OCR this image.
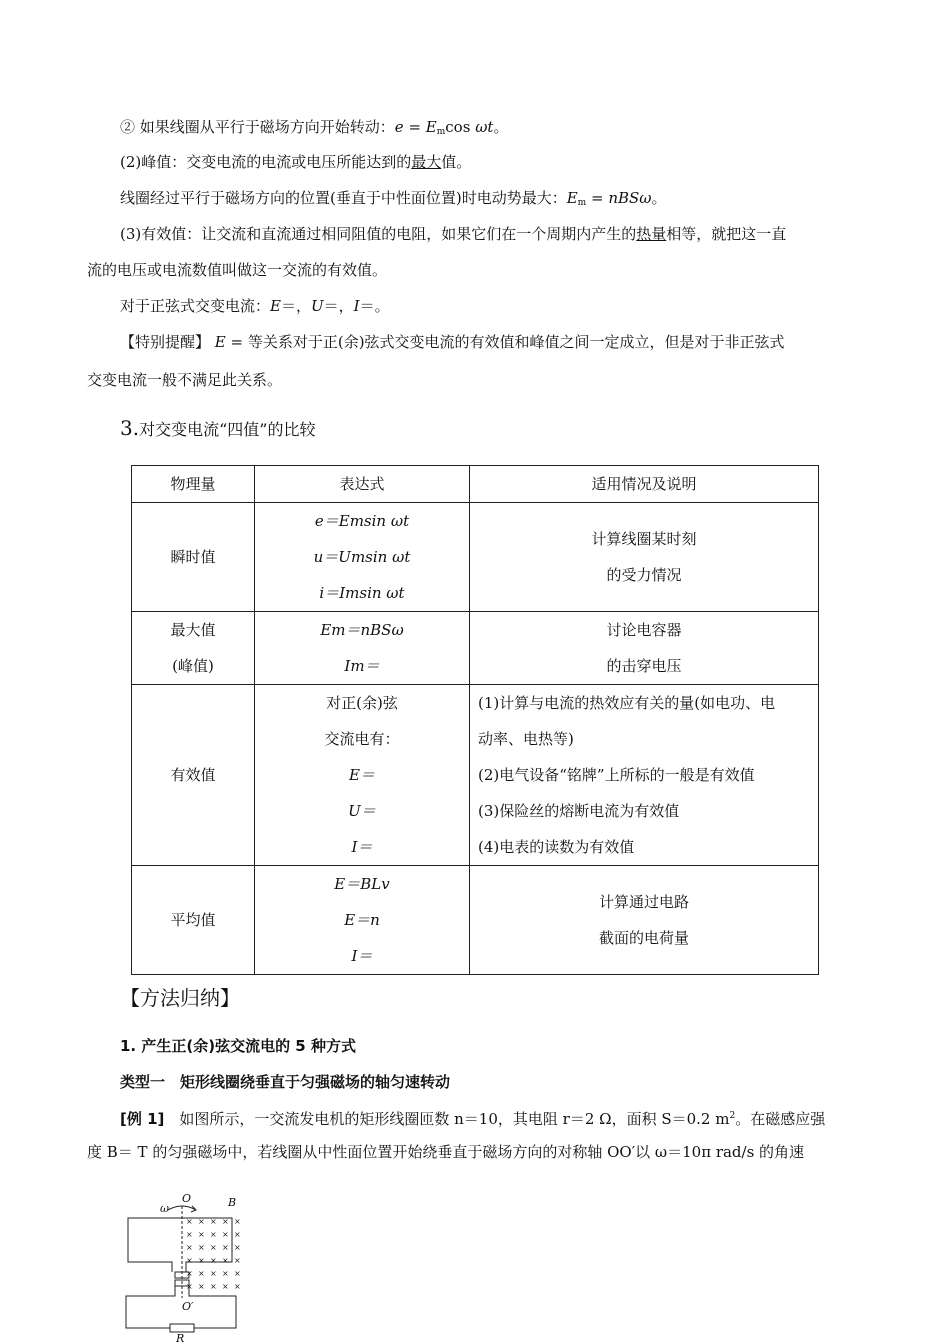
② 如果线圈从平行于磁场方向开始转动：$e = E_m\cos$ ωt。

(2)峰值：交变电流的电流或电压所能达到的最大值。

线圈经过平行于磁场方向的位置(垂直于中性面位置)时电动势最大：$E_m = nBS\omega$。

(3)有效值：让交流和直流通过相同阻值的电阻，如果它们在一个周期内产生的热量相等，就把这一直

流的电压或电流数值叫做这一交流的有效值。

对于正弦式交变电流：E＝，U＝，I＝。

【特别提醒】 E = 等关系对于正(余)弦式交变电流的有效值和峰值之间一定成立，但是对于非正弦式

交变电流一般不满足此关系。

3.对交变电流“四值”的比较
物理量	表达式	适用情况及说明

瞬时值	e＝Emsin ωt
u＝Umsin ωt
i＝Imsin ωt	计算线圈某时刻
的受力情况

最大值
(峰值)	Em＝nBSω
Im＝	讨论电容器
的击穿电压

有效值	对正(余)弦
交流电有：
E＝
U＝
I＝	(1)计算与电流的热效应有关的量(如电功、电
动率、电热等)
(2)电气设备“铭牌”上所标的一般是有效值
(3)保险丝的熔断电流为有效值
(4)电表的读数为有效值

平均值	E＝BLv
E＝n
I＝	计算通过电路
截面的电荷量
【方法归纳】

1. 产生正(余)弦交流电的 5 种方式

类型一　矩形线圈绕垂直于匀强磁场的轴匀速转动

[例 1]　如图所示，一交流发电机的矩形线圈匝数 n＝10，其电阻 r＝2 Ω，面积 S＝0.2 $m^2$。在磁感应强

度 B＝ T 的匀强磁场中，若线圈从中性面位置开始绕垂直于磁场方向的对称轴 OO′以 ω＝10π rad/s 的角速

ω
O	B
O′
R
× × × × ×
× × × × ×
× × × × ×
× × × × ×
× × × × ×
× × × × ×
